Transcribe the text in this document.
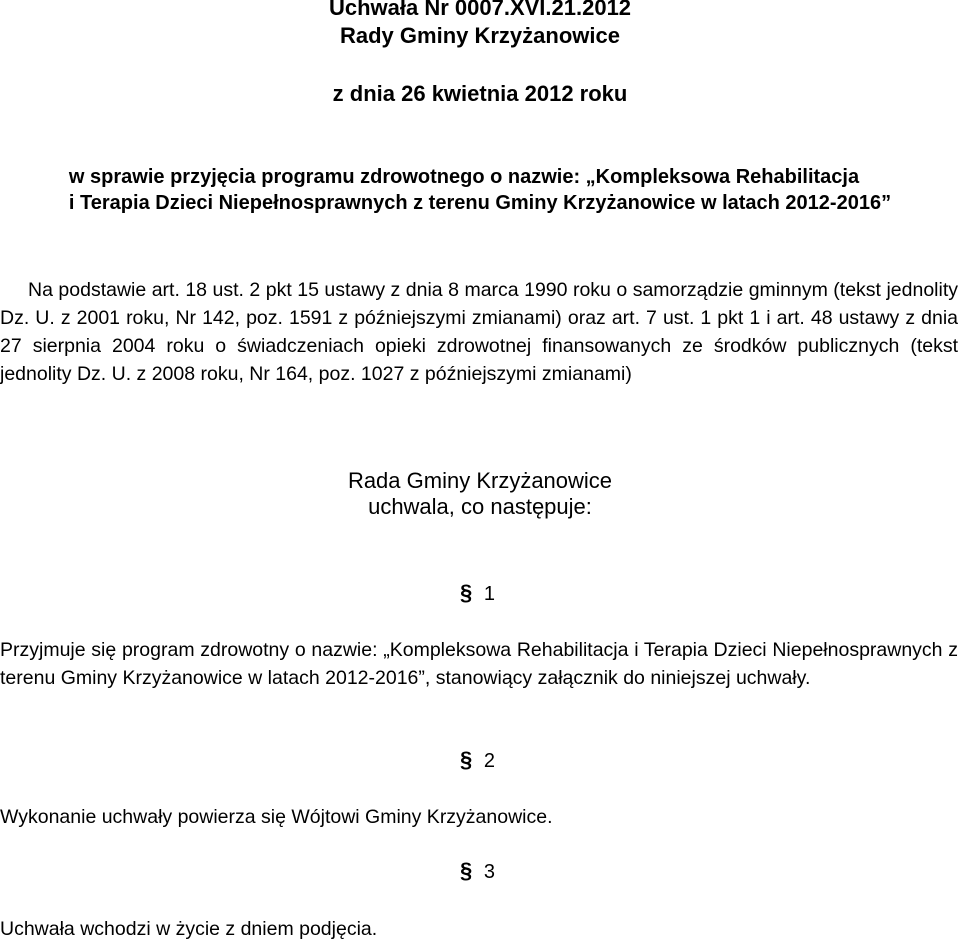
Uchwała Nr 0007.XVI.21.2012
Rady Gminy Krzyżanowice
z dnia 26 kwietnia 2012 roku
w sprawie przyjęcia programu zdrowotnego o nazwie: „Kompleksowa Rehabilitacja
i Terapia Dzieci Niepełnosprawnych z terenu Gminy Krzyżanowice w latach 2012-2016”
Na podstawie art. 18 ust. 2 pkt 15 ustawy z dnia 8 marca 1990 roku o samorządzie gminnym (tekst jednolity Dz. U. z 2001 roku, Nr 142, poz. 1591 z późniejszymi zmianami) oraz art. 7 ust. 1 pkt 1 i art. 48 ustawy z dnia 27 sierpnia 2004 roku o świadczeniach opieki zdrowotnej finansowanych ze środków publicznych (tekst jednolity Dz. U. z 2008 roku, Nr 164, poz. 1027 z późniejszymi zmianami)
Rada Gminy Krzyżanowice
uchwala, co następuje:
§ 1
Przyjmuje się program zdrowotny o nazwie: „Kompleksowa Rehabilitacja i Terapia Dzieci Niepełnosprawnych z terenu Gminy Krzyżanowice w latach 2012-2016”, stanowiący załącznik do niniejszej uchwały.
§ 2
Wykonanie uchwały powierza się Wójtowi Gminy Krzyżanowice.
§ 3
Uchwała wchodzi w życie z dniem podjęcia.
